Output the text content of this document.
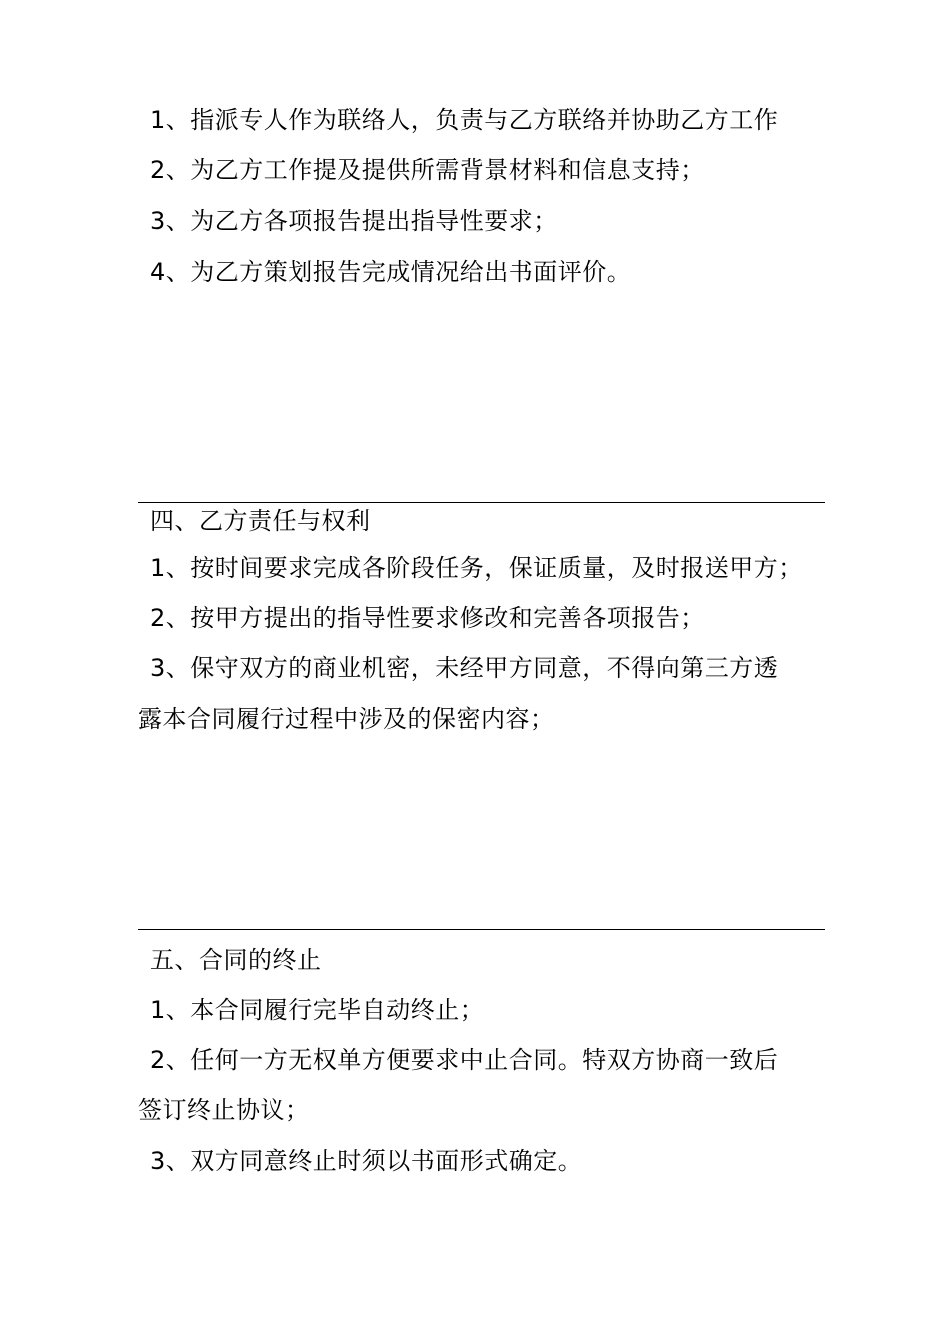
1、指派专人作为联络人，负责与乙方联络并协助乙方工作
2、为乙方工作提及提供所需背景材料和信息支持；
3、为乙方各项报告提出指导性要求；
4、为乙方策划报告完成情况给出书面评价。
四、乙方责任与权利
1、按时间要求完成各阶段任务，保证质量，及时报送甲方；
2、按甲方提出的指导性要求修改和完善各项报告；
3、保守双方的商业机密，未经甲方同意，不得向第三方透
露本合同履行过程中涉及的保密内容；
五、合同的终止
1、本合同履行完毕自动终止；
2、任何一方无权单方便要求中止合同。特双方协商一致后
签订终止协议；
3、双方同意终止时须以书面形式确定。
